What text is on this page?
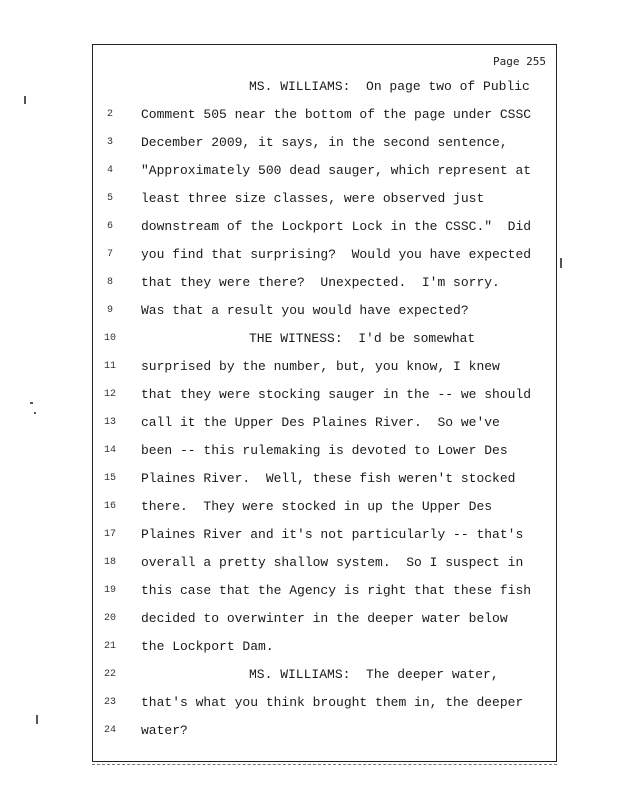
Page 255
MS. WILLIAMS:  On page two of Public
2	Comment 505 near the bottom of the page under CSSC
3	December 2009, it says, in the second sentence,
4	"Approximately 500 dead sauger, which represent at
5	least three size classes, were observed just
6	downstream of the Lockport Lock in the CSSC."  Did
7	you find that surprising?  Would you have expected
8	that they were there?  Unexpected.  I'm sorry.
9	Was that a result you would have expected?
10	THE WITNESS:  I'd be somewhat
11	surprised by the number, but, you know, I knew
12	that they were stocking sauger in the -- we should
13	call it the Upper Des Plaines River.  So we've
14	been -- this rulemaking is devoted to Lower Des
15	Plaines River.  Well, these fish weren't stocked
16	there.  They were stocked in up the Upper Des
17	Plaines River and it's not particularly -- that's
18	overall a pretty shallow system.  So I suspect in
19	this case that the Agency is right that these fish
20	decided to overwinter in the deeper water below
21	the Lockport Dam.
22	MS. WILLIAMS:  The deeper water,
23	that's what you think brought them in, the deeper
24	water?
